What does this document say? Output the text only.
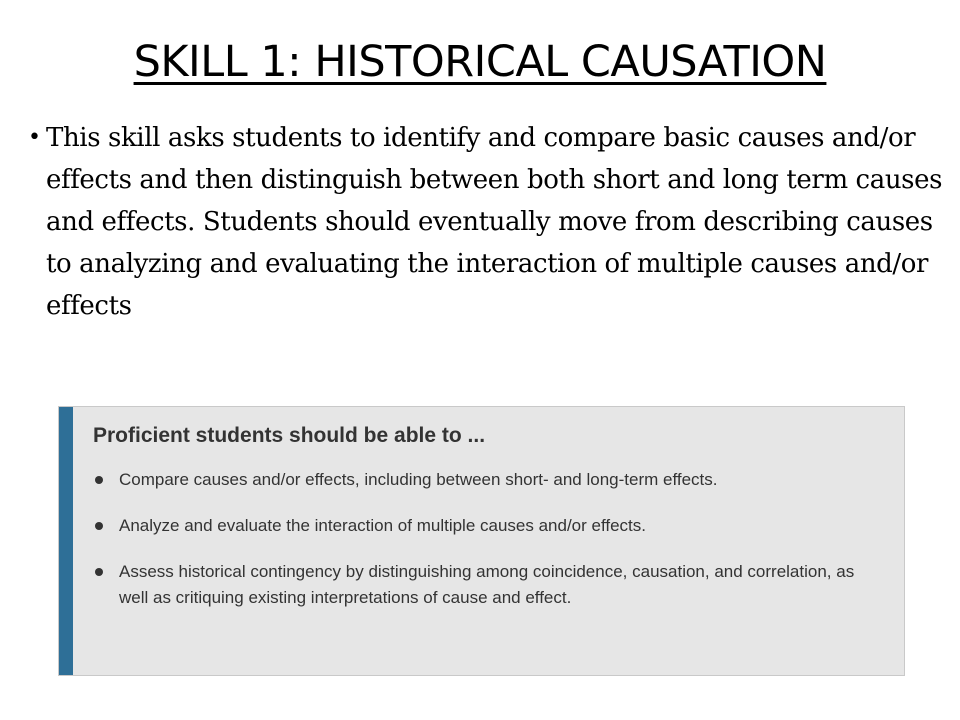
SKILL 1: HISTORICAL CAUSATION
• This skill asks students to identify and compare basic causes and/or effects and then distinguish between both short and long term causes and effects. Students should eventually move from describing causes to analyzing and evaluating the interaction of multiple causes and/or effects
Proficient students should be able to ...
Compare causes and/or effects, including between short- and long-term effects.
Analyze and evaluate the interaction of multiple causes and/or effects.
Assess historical contingency by distinguishing among coincidence, causation, and correlation, as well as critiquing existing interpretations of cause and effect.
